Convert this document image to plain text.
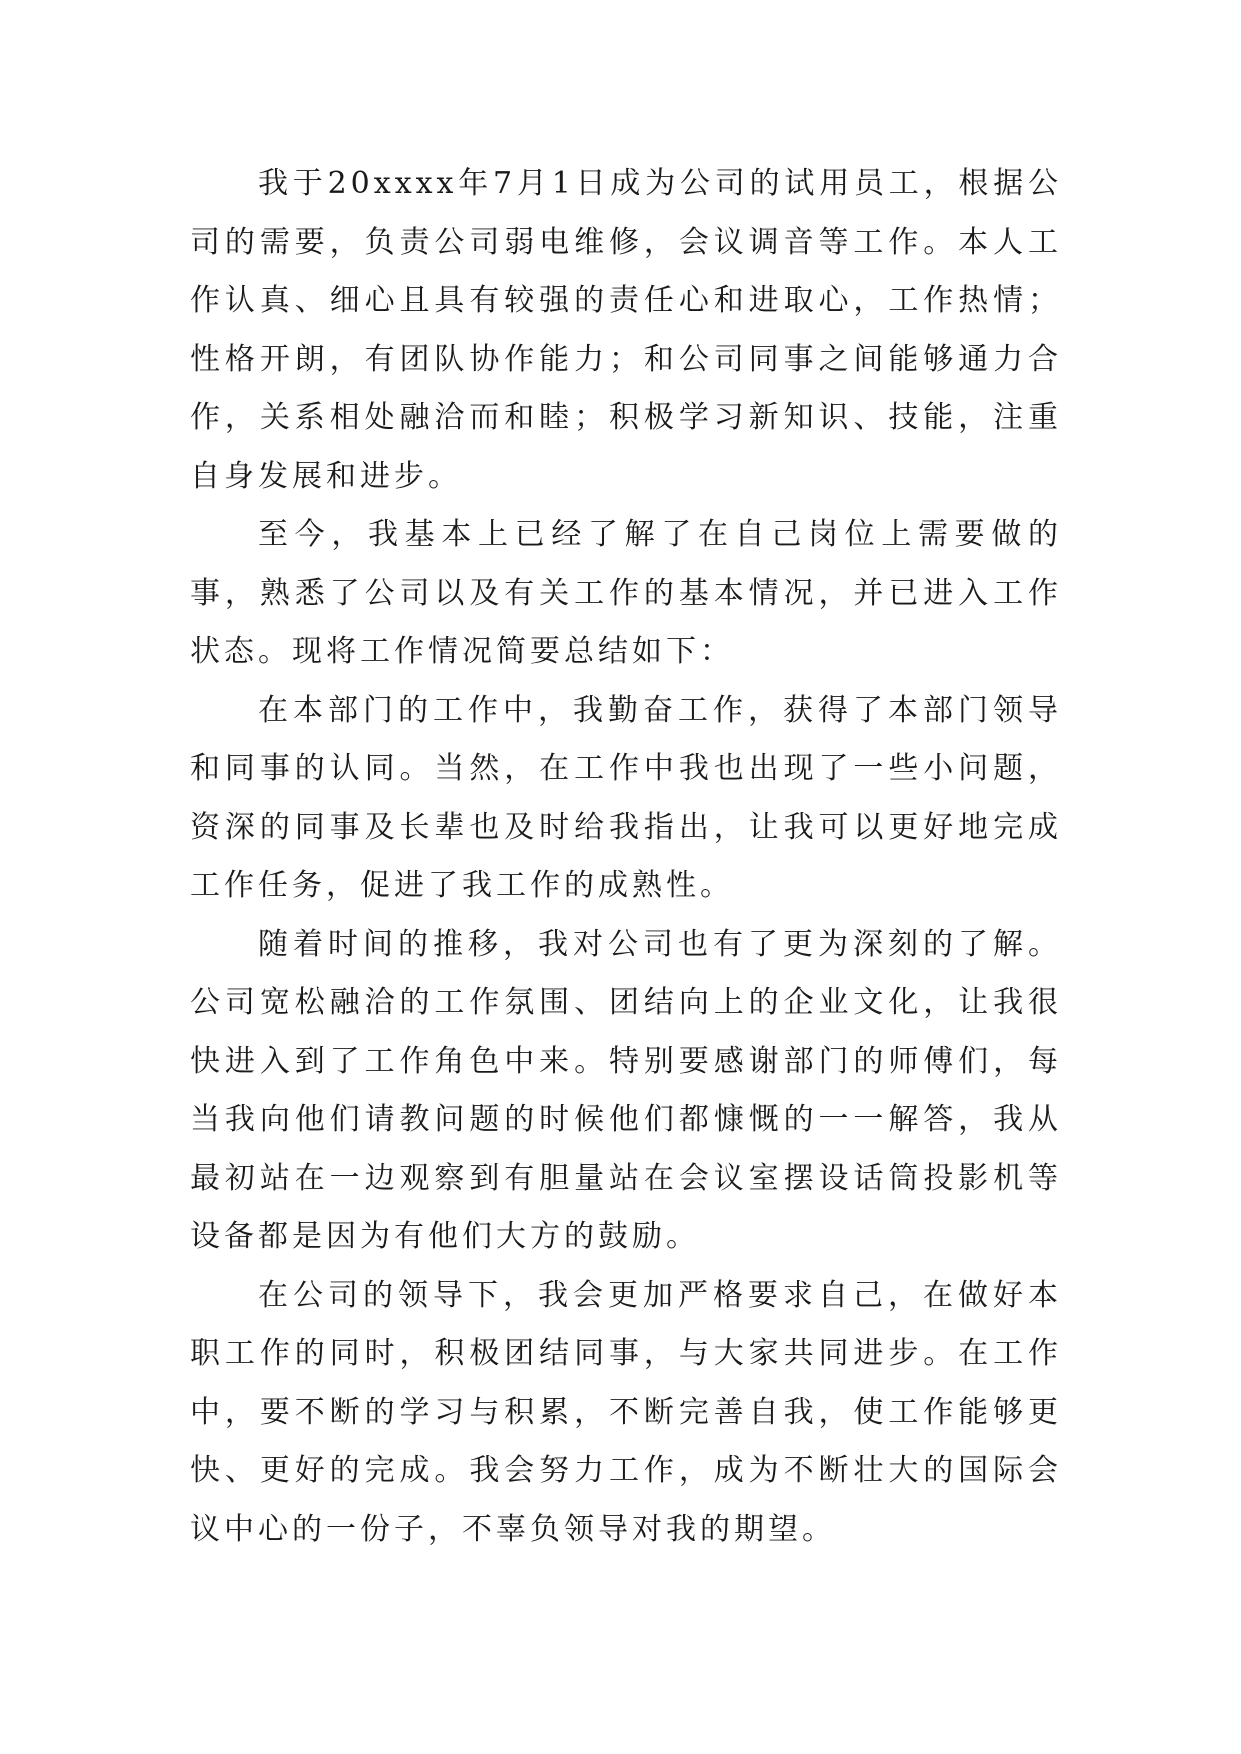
我于20xxxx年7月1日成为公司的试用员工，根据公司的需要，负责公司弱电维修，会议调音等工作。本人工作认真、细心且具有较强的责任心和进取心，工作热情；性格开朗，有团队协作能力；和公司同事之间能够通力合作，关系相处融洽而和睦；积极学习新知识、技能，注重自身发展和进步。

至今，我基本上已经了解了在自己岗位上需要做的事，熟悉了公司以及有关工作的基本情况，并已进入工作状态。现将工作情况简要总结如下：

在本部门的工作中，我勤奋工作，获得了本部门领导和同事的认同。当然，在工作中我也出现了一些小问题，资深的同事及长辈也及时给我指出，让我可以更好地完成工作任务，促进了我工作的成熟性。

随着时间的推移，我对公司也有了更为深刻的了解。公司宽松融洽的工作氛围、团结向上的企业文化，让我很快进入到了工作角色中来。特别要感谢部门的师傅们，每当我向他们请教问题的时候他们都慷慨的一一解答，我从最初站在一边观察到有胆量站在会议室摆设话筒投影机等设备都是因为有他们大方的鼓励。

在公司的领导下，我会更加严格要求自己，在做好本职工作的同时，积极团结同事，与大家共同进步。在工作中，要不断的学习与积累，不断完善自我，使工作能够更快、更好的完成。我会努力工作，成为不断壮大的国际会议中心的一份子，不辜负领导对我的期望。
